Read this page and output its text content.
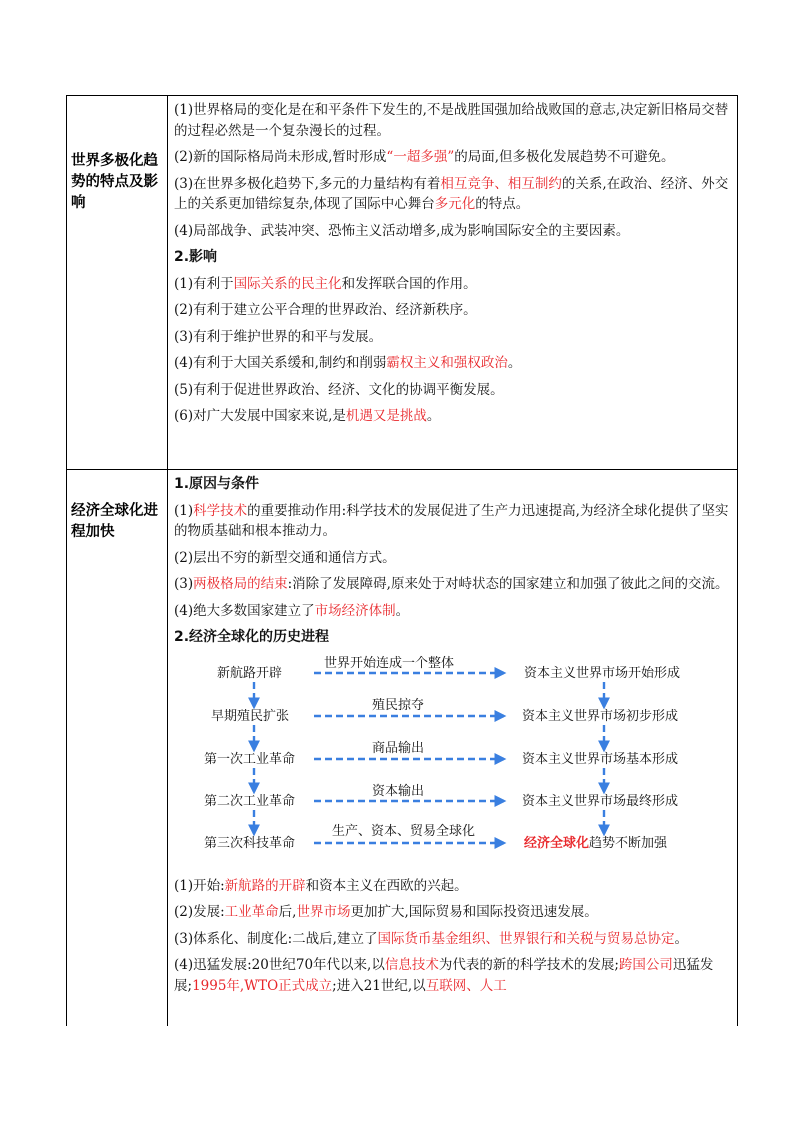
世界多极化趋势的特点及影响
经济全球化进程加快
(1)世界格局的变化是在和平条件下发生的,不是战胜国强加给战败国的意志,决定新旧格局交替的过程必然是一个复杂漫长的过程。
(2)新的国际格局尚未形成,暂时形成“一超多强”的局面,但多极化发展趋势不可避免。
(3)在世界多极化趋势下,多元的力量结构有着相互竞争、相互制约的关系,在政治、经济、外交上的关系更加错综复杂,体现了国际中心舞台多元化的特点。
(4)局部战争、武装冲突、恐怖主义活动增多,成为影响国际安全的主要因素。
2.影响
(1)有利于国际关系的民主化和发挥联合国的作用。
(2)有利于建立公平合理的世界政治、经济新秩序。
(3)有利于维护世界的和平与发展。
(4)有利于大国关系缓和,制约和削弱霸权主义和强权政治。
(5)有利于促进世界政治、经济、文化的协调平衡发展。
(6)对广大发展中国家来说,是机遇又是挑战。
1.原因与条件
(1)科学技术的重要推动作用:科学技术的发展促进了生产力迅速提高,为经济全球化提供了坚实的物质基础和根本推动力。
(2)层出不穷的新型交通和通信方式。
(3)两极格局的结束:消除了发展障碍,原来处于对峙状态的国家建立和加强了彼此之间的交流。
(4)绝大多数国家建立了市场经济体制。
2.经济全球化的历史进程
新航路开辟
早期殖民扩张
第一次工业革命
第二次工业革命
第三次科技革命
世界开始连成一个整体
殖民掠夺
商品输出
资本输出
生产、资本、贸易全球化
资本主义世界市场开始形成
资本主义世界市场初步形成
资本主义世界市场基本形成
资本主义世界市场最终形成
经济全球化趋势不断加强
(1)开始:新航路的开辟和资本主义在西欧的兴起。
(2)发展:工业革命后,世界市场更加扩大,国际贸易和国际投资迅速发展。
(3)体系化、制度化:二战后,建立了国际货币基金组织、世界银行和关税与贸易总协定。
(4)迅猛发展:20世纪70年代以来,以信息技术为代表的新的科学技术的发展;跨国公司迅猛发展;1995年,WTO正式成立;进入21世纪,以互联网、人工
